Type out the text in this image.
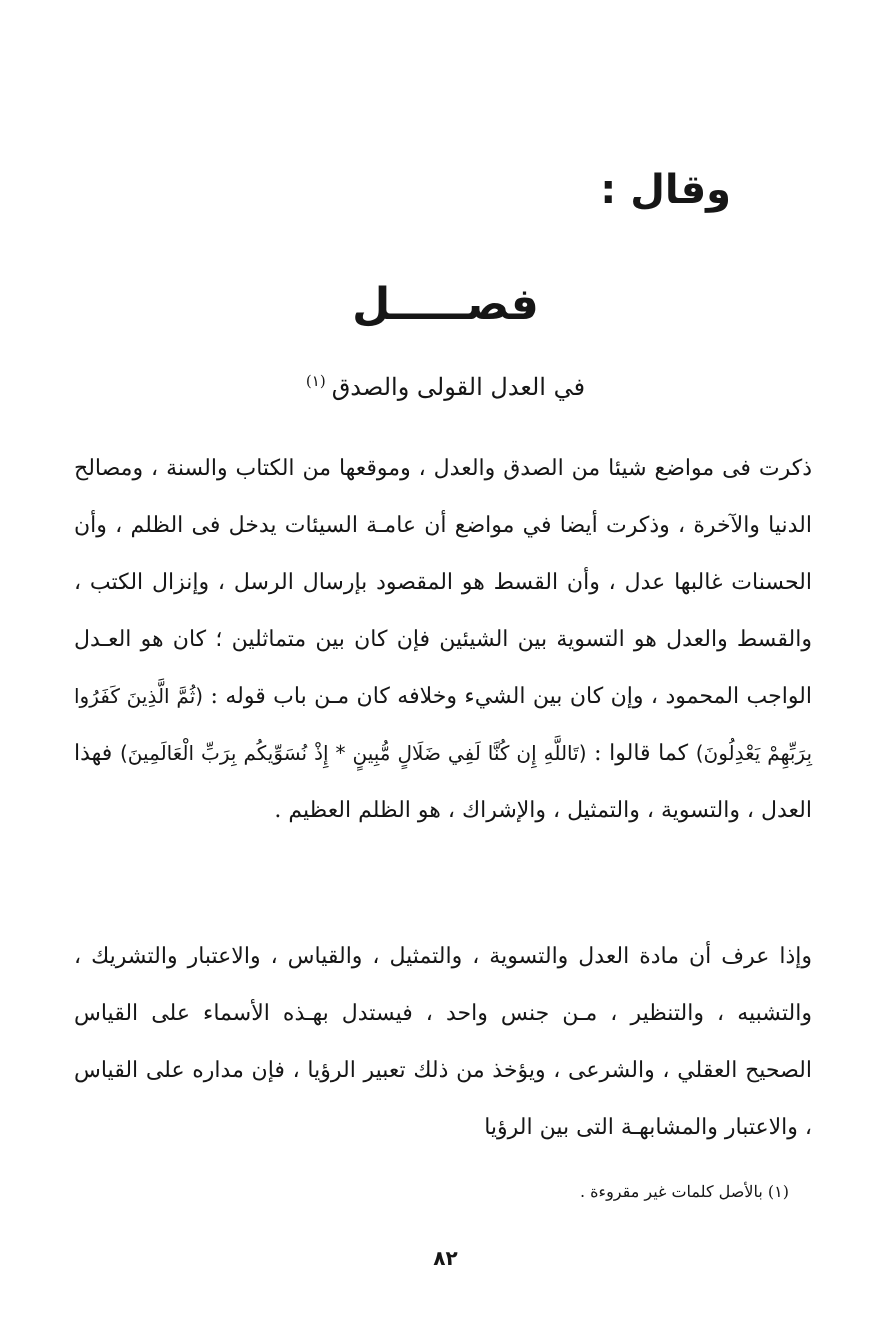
وقال :
فصـــــل

في العدل القولى والصدق$^{(١)}$

ذكرت فى مواضع شيئا من الصدق والعدل ، وموقعها من الكتاب والسنة ، ومصالح الدنيا والآخرة ، وذكرت أيضا في مواضع أن عامـة السيئات يدخل فى الظلم ، وأن الحسنات غالبها عدل ، وأن القسط هو المقصود بإرسال الرسل ، وإنزال الكتب ، والقسط والعدل هو التسوية بين الشيئين فإن كان بين متماثلين ؛ كان هو العـدل الواجب المحمود ، وإن كان بين الشيء وخلافه كان مـن باب قوله : (ثُمَّ الَّذِينَ كَفَرُوا بِرَبِّهِمْ يَعْدِلُونَ) كما قالوا : (تَاللَّهِ إِن كُنَّا لَفِي ضَلَالٍ مُّبِينٍ * إِذْ نُسَوِّيكُم بِرَبِّ الْعَالَمِينَ) فهذا العدل ، والتسوية ، والتمثيل ، والإشراك ، هو الظلم العظيم .

وإذا عرف أن مادة العدل والتسوية ، والتمثيل ، والقياس ، والاعتبار والتشريك ، والتشبيه ، والتنظير ، مـن جنس واحد ، فيستدل بهـذه الأسماء على القياس الصحيح العقلي ، والشرعى ، ويؤخذ من ذلك تعبير الرؤيا ، فإن مداره على القياس ، والاعتبار والمشابهـة التى بين الرؤيا

(١) بالأصل كلمات غير مقروءة .

٨٢
